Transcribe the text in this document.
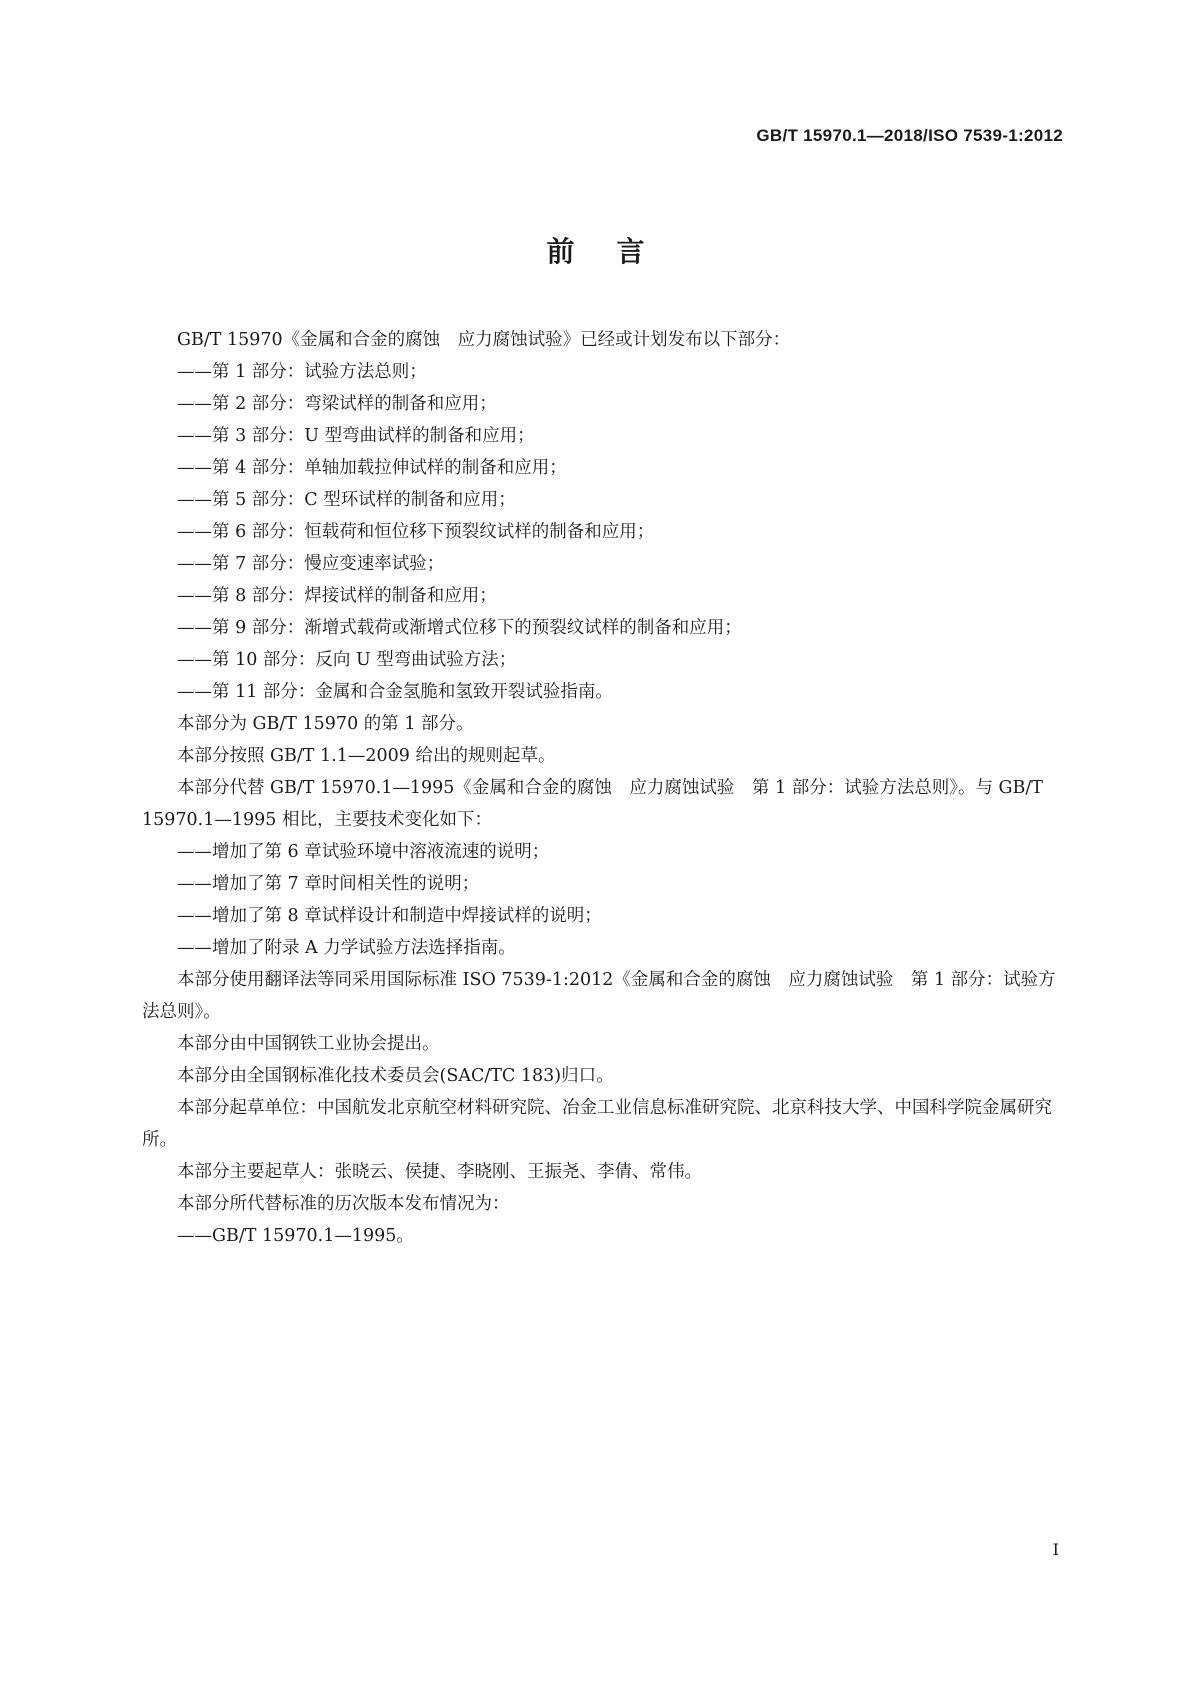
GB/T 15970.1—2018/ISO 7539-1:2012
前言

GB/T 15970《金属和合金的腐蚀　应力腐蚀试验》已经或计划发布以下部分：

——第 1 部分：试验方法总则；

——第 2 部分：弯梁试样的制备和应用；

——第 3 部分：U 型弯曲试样的制备和应用；

——第 4 部分：单轴加载拉伸试样的制备和应用；

——第 5 部分：C 型环试样的制备和应用；

——第 6 部分：恒载荷和恒位移下预裂纹试样的制备和应用；

——第 7 部分：慢应变速率试验；

——第 8 部分：焊接试样的制备和应用；

——第 9 部分：渐增式载荷或渐增式位移下的预裂纹试样的制备和应用；

——第 10 部分：反向 U 型弯曲试验方法；

——第 11 部分：金属和合金氢脆和氢致开裂试验指南。

本部分为 GB/T 15970 的第 1 部分。

本部分按照 GB/T 1.1—2009 给出的规则起草。

本部分代替 GB/T 15970.1—1995《金属和合金的腐蚀　应力腐蚀试验　第 1 部分：试验方法总则》。与 GB/T 15970.1—1995 相比，主要技术变化如下：

——增加了第 6 章试验环境中溶液流速的说明；

——增加了第 7 章时间相关性的说明；

——增加了第 8 章试样设计和制造中焊接试样的说明；

——增加了附录 A 力学试验方法选择指南。

本部分使用翻译法等同采用国际标准 ISO 7539-1:2012《金属和合金的腐蚀　应力腐蚀试验　第 1 部分：试验方法总则》。

本部分由中国钢铁工业协会提出。

本部分由全国钢标准化技术委员会(SAC/TC 183)归口。

本部分起草单位：中国航发北京航空材料研究院、冶金工业信息标准研究院、北京科技大学、中国科学院金属研究所。

本部分主要起草人：张晓云、侯捷、李晓刚、王振尧、李倩、常伟。

本部分所代替标准的历次版本发布情况为：

——GB/T 15970.1—1995。

I
